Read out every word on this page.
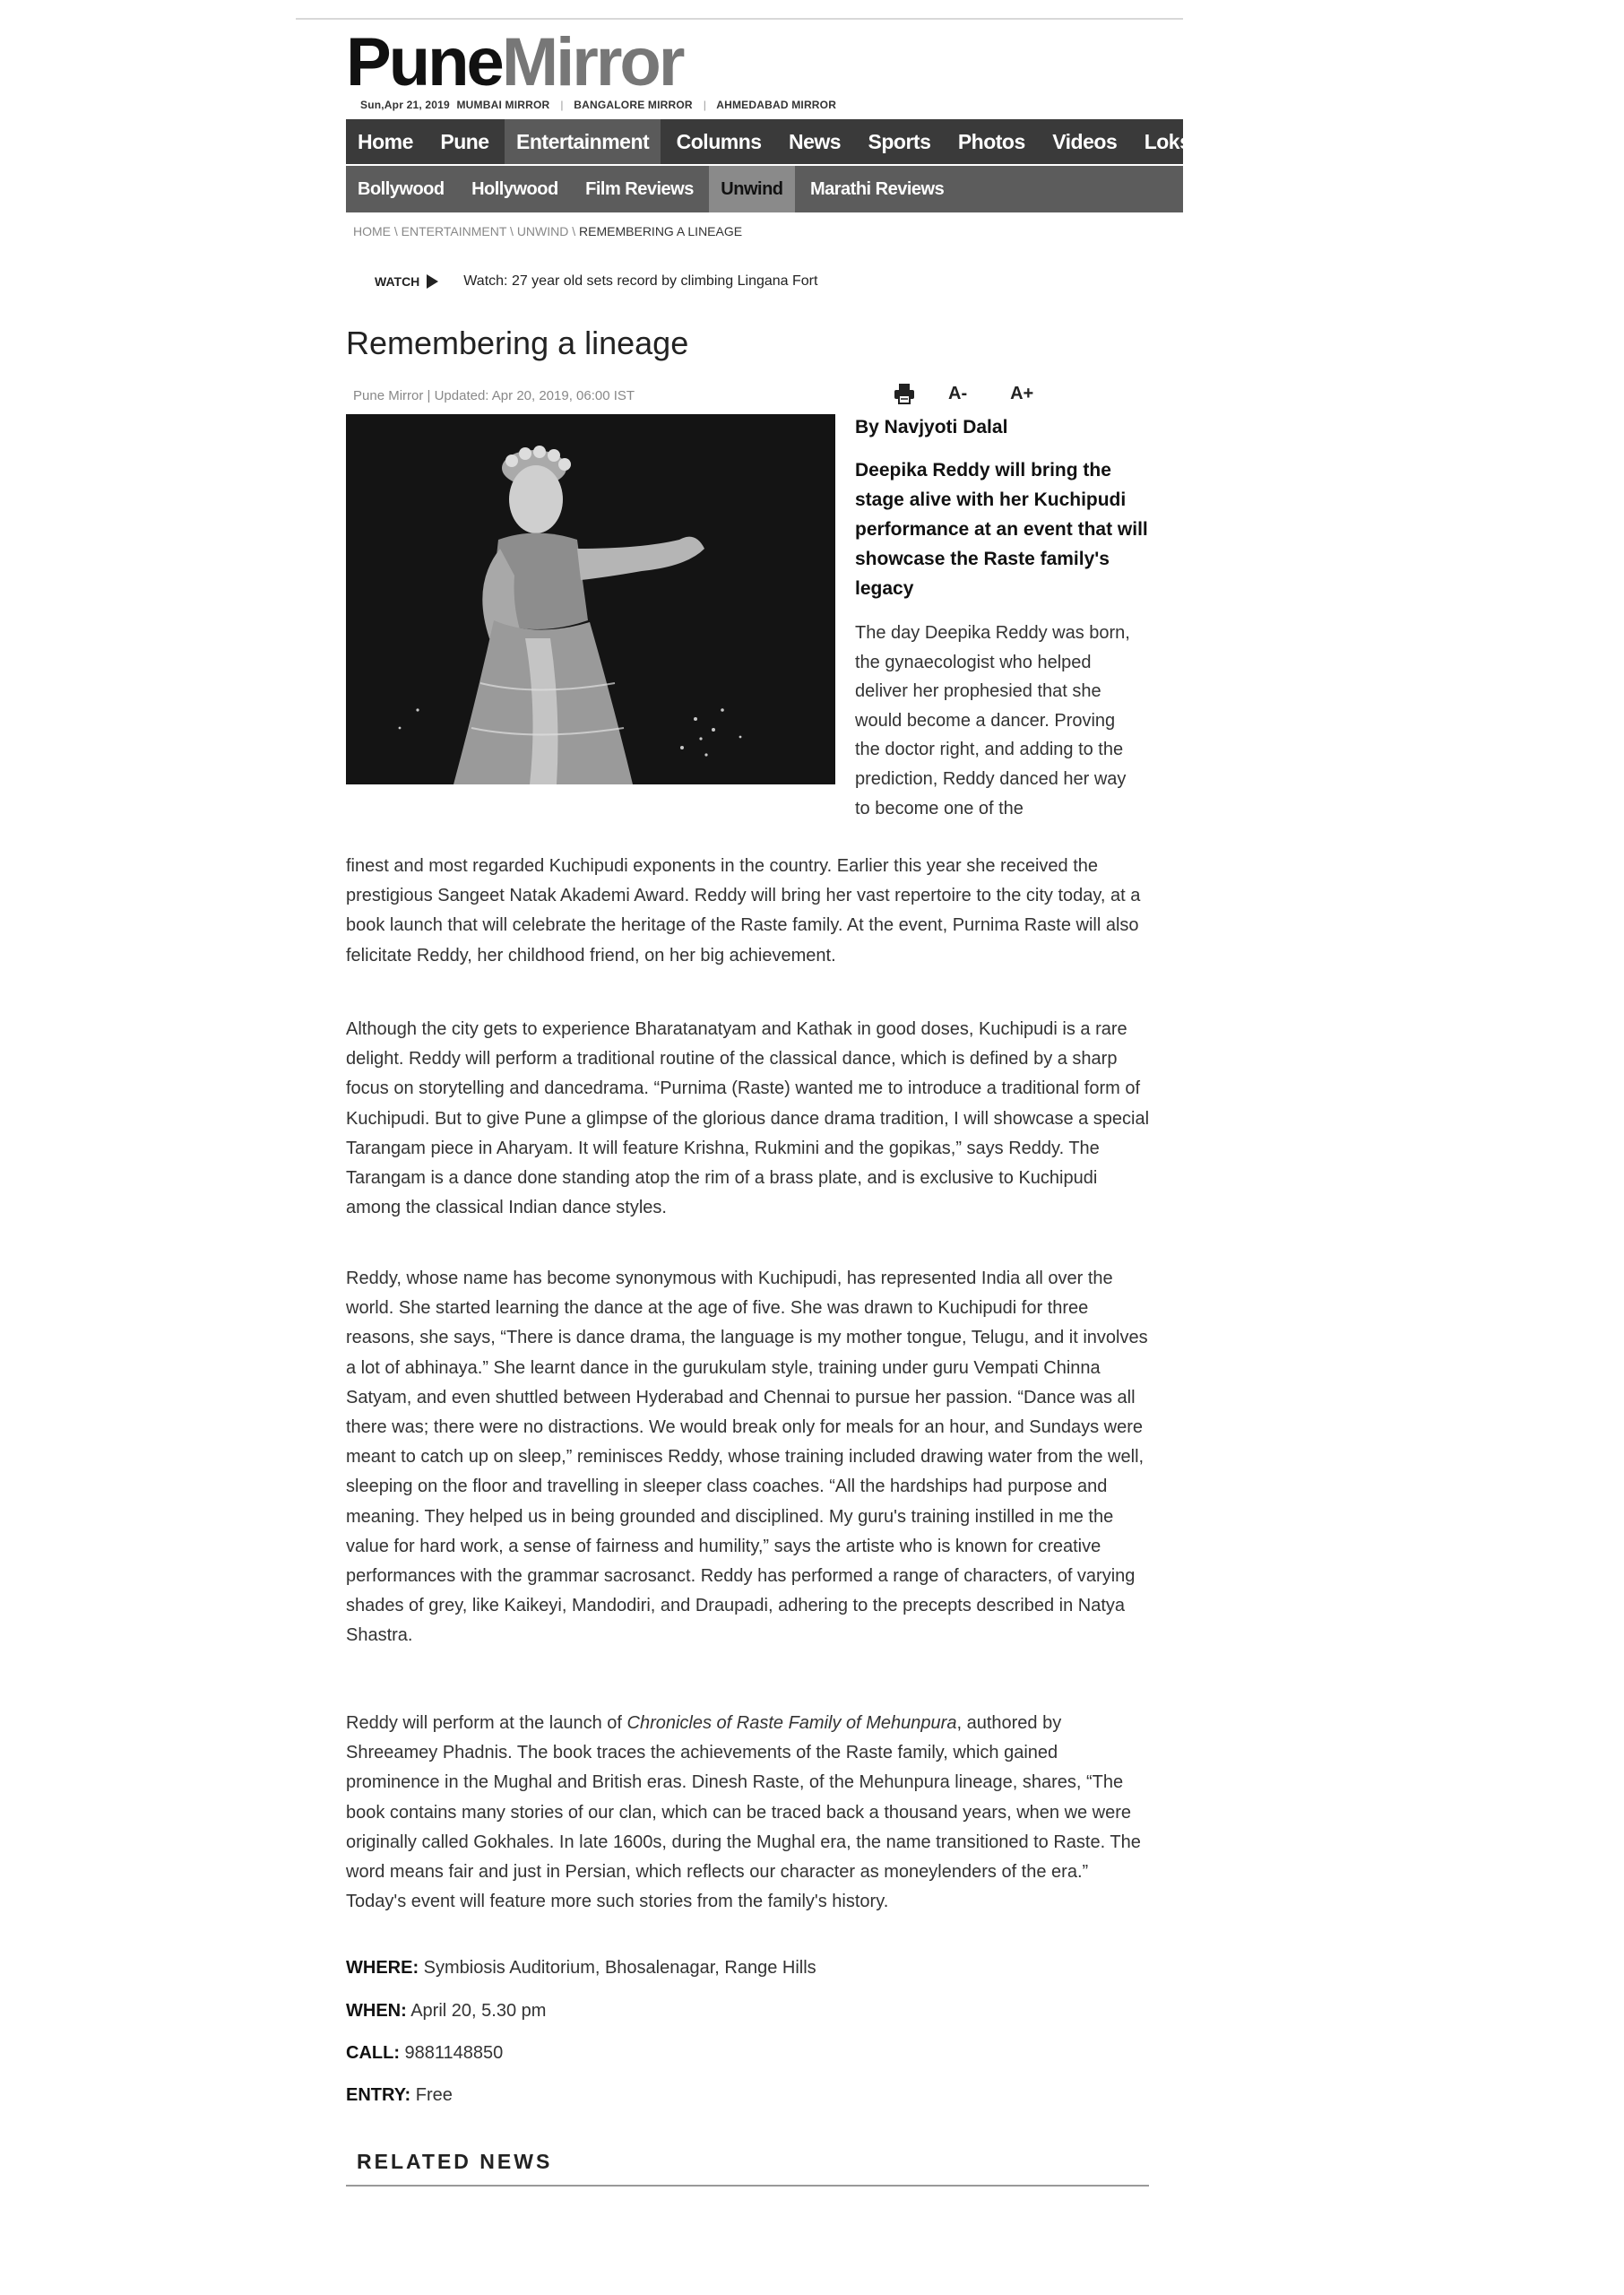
PuneMirror
Sun,Apr 21, 2019 MUMBAI MIRROR | BANGALORE MIRROR | AHMEDABAD MIRROR
Home Pune Entertainment Columns News Sports Photos Videos Loksabha El
Bollywood Hollywood Film Reviews Unwind Marathi Reviews
HOME \ ENTERTAINMENT \ UNWIND \ REMEMBERING A LINEAGE
WATCH	Watch: 27 year old sets record by climbing Lingana Fort
Remembering a lineage
Pune Mirror | Updated: Apr 20, 2019, 06:00 IST	A- A+
By Navjyoti Dalal
Deepika Reddy will bring the stage alive with her Kuchipudi performance at an event that will showcase the Raste family's legacy
The day Deepika Reddy was born, the gynaecologist who helped deliver her prophesied that she would become a dancer. Proving the doctor right, and adding to the prediction, Reddy danced her way to become one of the
finest and most regarded Kuchipudi exponents in the country. Earlier this year she received the prestigious Sangeet Natak Akademi Award. Reddy will bring her vast repertoire to the city today, at a book launch that will celebrate the heritage of the Raste family. At the event, Purnima Raste will also felicitate Reddy, her childhood friend, on her big achievement.
Although the city gets to experience Bharatanatyam and Kathak in good doses, Kuchipudi is a rare delight. Reddy will perform a traditional routine of the classical dance, which is defined by a sharp focus on storytelling and dancedrama. “Purnima (Raste) wanted me to introduce a traditional form of Kuchipudi. But to give Pune a glimpse of the glorious dance drama tradition, I will showcase a special Tarangam piece in Aharyam. It will feature Krishna, Rukmini and the gopikas,” says Reddy. The Tarangam is a dance done standing atop the rim of a brass plate, and is exclusive to Kuchipudi among the classical Indian dance styles.
Reddy, whose name has become synonymous with Kuchipudi, has represented India all over the world. She started learning the dance at the age of five. She was drawn to Kuchipudi for three reasons, she says, “There is dance drama, the language is my mother tongue, Telugu, and it involves a lot of abhinaya.” She learnt dance in the gurukulam style, training under guru Vempati Chinna Satyam, and even shuttled between Hyderabad and Chennai to pursue her passion. “Dance was all there was; there were no distractions. We would break only for meals for an hour, and Sundays were meant to catch up on sleep,” reminisces Reddy, whose training included drawing water from the well, sleeping on the floor and travelling in sleeper class coaches. “All the hardships had purpose and meaning. They helped us in being grounded and disciplined. My guru's training instilled in me the value for hard work, a sense of fairness and humility,” says the artiste who is known for creative performances with the grammar sacrosanct. Reddy has performed a range of characters, of varying shades of grey, like Kaikeyi, Mandodiri, and Draupadi, adhering to the precepts described in Natya Shastra.
Reddy will perform at the launch of Chronicles of Raste Family of Mehunpura, authored by Shreeamey Phadnis. The book traces the achievements of the Raste family, which gained prominence in the Mughal and British eras. Dinesh Raste, of the Mehunpura lineage, shares, “The book contains many stories of our clan, which can be traced back a thousand years, when we were originally called Gokhales. In late 1600s, during the Mughal era, the name transitioned to Raste. The word means fair and just in Persian, which reflects our character as moneylenders of the era.” Today's event will feature more such stories from the family's history.
WHERE: Symbiosis Auditorium, Bhosalenagar, Range Hills
WHEN: April 20, 5.30 pm
CALL: 9881148850
ENTRY: Free
RELATED NEWS
